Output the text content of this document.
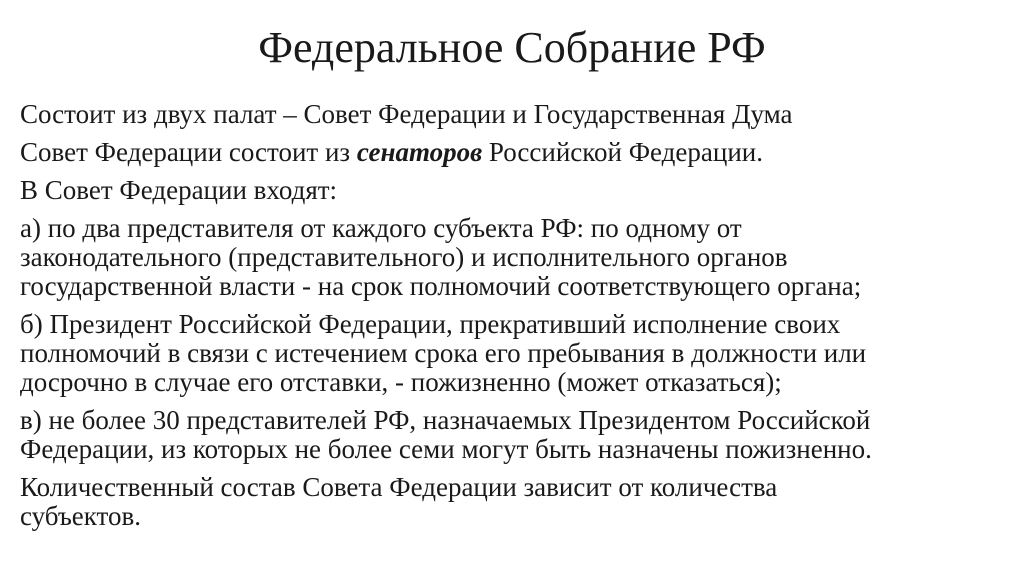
Федеральное Собрание РФ

Состоит из двух палат – Совет Федерации и Государственная Дума

Совет Федерации состоит из сенаторов Российской Федерации.

В Совет Федерации входят:

а) по два представителя от каждого субъекта РФ: по одному от
законодательного (представительного) и исполнительного органов
государственной власти - на срок полномочий соответствующего органа;

б) Президент Российской Федерации, прекративший исполнение своих
полномочий в связи с истечением срока его пребывания в должности или
досрочно в случае его отставки, - пожизненно (может отказаться);

в) не более 30 представителей РФ, назначаемых Президентом Российской
Федерации, из которых не более семи могут быть назначены пожизненно.

Количественный состав Совета Федерации зависит от количества
субъектов.
